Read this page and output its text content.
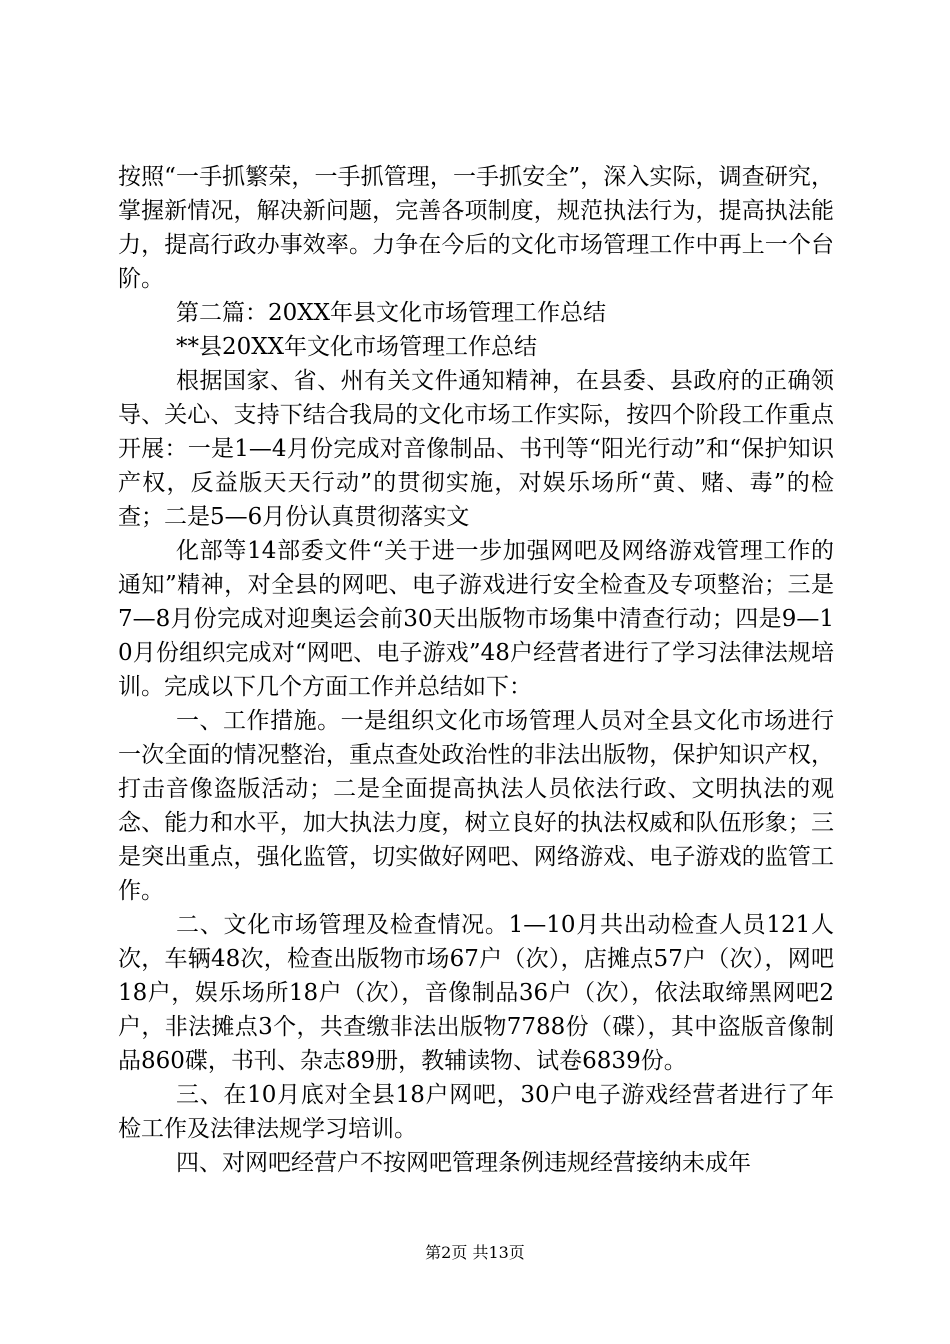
按照“一手抓繁荣，一手抓管理，一手抓安全”，深入实际，调查研究，掌握新情况，解决新问题，完善各项制度，规范执法行为，提高执法能力，提高行政办事效率。力争在今后的文化市场管理工作中再上一个台阶。

第二篇：20XX年县文化市场管理工作总结

**县20XX年文化市场管理工作总结

根据国家、省、州有关文件通知精神，在县委、县政府的正确领导、关心、支持下结合我局的文化市场工作实际，按四个阶段工作重点开展：一是1—4月份完成对音像制品、书刊等“阳光行动”和“保护知识产权，反益版天天行动”的贯彻实施，对娱乐场所“黄、赌、毒”的检查；二是5—6月份认真贯彻落实文

化部等14部委文件“关于进一步加强网吧及网络游戏管理工作的通知”精神，对全县的网吧、电子游戏进行安全检查及专项整治；三是7—8月份完成对迎奥运会前30天出版物市场集中清查行动；四是9—10月份组织完成对“网吧、电子游戏”48户经营者进行了学习法律法规培训。完成以下几个方面工作并总结如下：

一、工作措施。一是组织文化市场管理人员对全县文化市场进行一次全面的情况整治，重点查处政治性的非法出版物，保护知识产权，打击音像盗版活动；二是全面提高执法人员依法行政、文明执法的观念、能力和水平，加大执法力度，树立良好的执法权威和队伍形象；三是突出重点，强化监管，切实做好网吧、网络游戏、电子游戏的监管工作。

二、文化市场管理及检查情况。1—10月共出动检查人员121人次，车辆48次，检查出版物市场67户（次），店摊点57户（次），网吧18户，娱乐场所18户（次），音像制品36户（次），依法取缔黑网吧2户，非法摊点3个，共查缴非法出版物7788份（碟），其中盗版音像制品860碟，书刊、杂志89册，教辅读物、试卷6839份。

三、在10月底对全县18户网吧，30户电子游戏经营者进行了年检工作及法律法规学习培训。

四、对网吧经营户不按网吧管理条例违规经营接纳未成年

第2页 共13页
